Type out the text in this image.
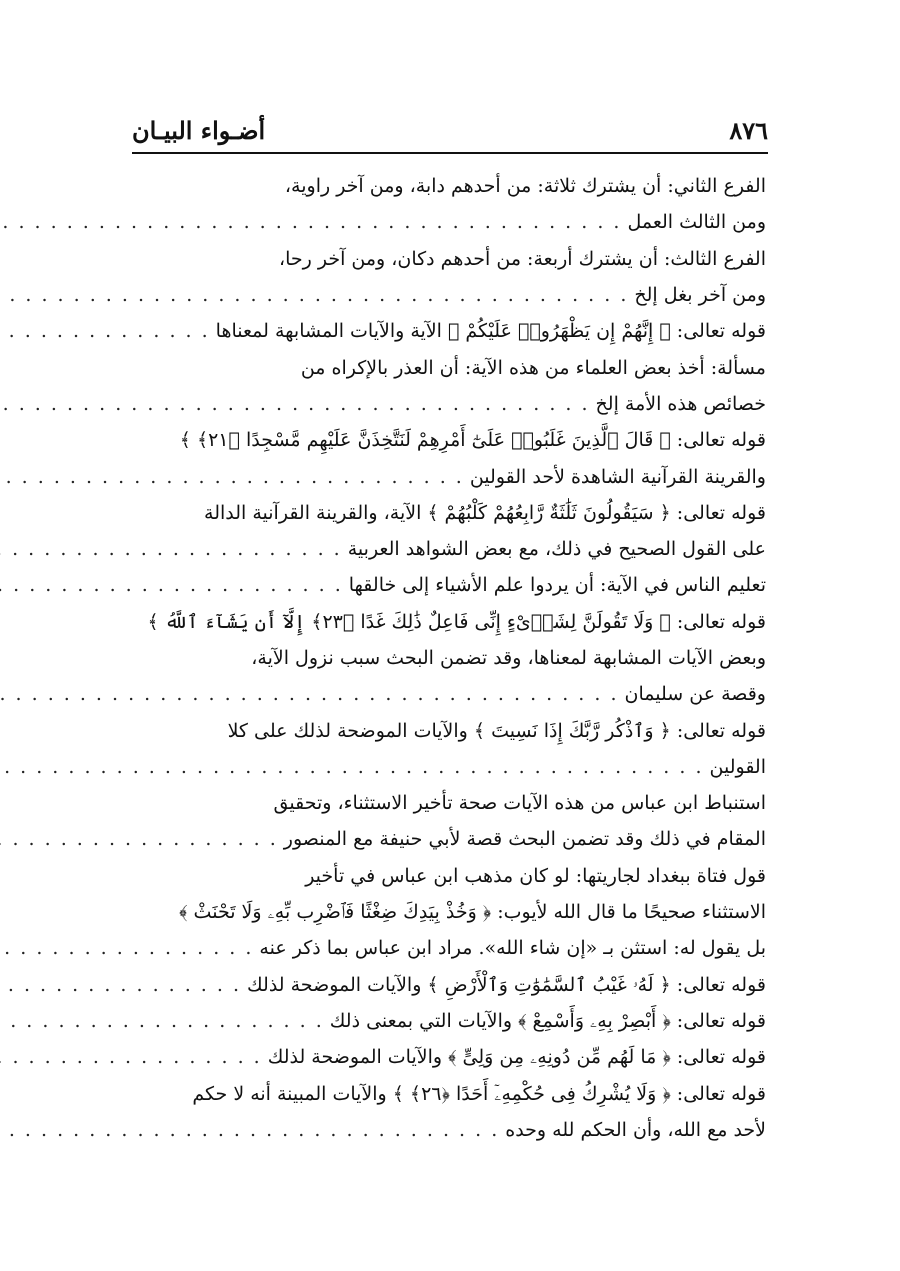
أضـواء البيـان	٨٧٦
الفرع الثاني: أن يشترك ثلاثة: من أحدهم دابة، ومن آخر راوية،
ومن الثالث العمل
. . .
الفرع الثالث: أن يشترك أربعة: من أحدهم دكان، ومن آخر رحا،
ومن آخر بغل إلخ
. . .
قوله تعالى: ﴿ إِنَّهُمْ إِن يَظْهَرُوا۟ عَلَيْكُمْ ﴾ الآية والآيات المشابهة لمعناها
. . .
مسألة: أخذ بعض العلماء من هذه الآية: أن العذر بالإكراه من
خصائص هذه الأمة إلخ
. . .
قوله تعالى: ﴿ قَالَ ٱلَّذِينَ غَلَبُوا۟ عَلَىٰٓ أَمْرِهِمْ لَنَتَّخِذَنَّ عَلَيْهِم مَّسْجِدًا ﴿٢١﴾ ﴾
والقرينة القرآنية الشاهدة لأحد القولين
. . .
قوله تعالى: ﴿ سَيَقُولُونَ ثَلَٰثَةٌ رَّابِعُهُمْ كَلْبُهُمْ ﴾ الآية، والقرينة القرآنية الدالة
على القول الصحيح في ذلك، مع بعض الشواهد العربية
. . .
تعليم الناس في الآية: أن يردوا علم الأشياء إلى خالقها
. . .
قوله تعالى: ﴿ وَلَا تَقُولَنَّ لِشَا۟ىْءٍ إِنِّى فَاعِلٌ ذَٰلِكَ غَدًا ﴿٢٣﴾ إِلَّآ أَن يَشَآءَ ٱللَّهُ ﴾
وبعض الآيات المشابهة لمعناها، وقد تضمن البحث سبب نزول الآية،
وقصة عن سليمان
. . .
قوله تعالى: ﴿ وَٱذْكُر رَّبَّكَ إِذَا نَسِيتَ ﴾ والآيات الموضحة لذلك على كلا
القولين
. . .
استنباط ابن عباس من هذه الآيات صحة تأخير الاستثناء، وتحقيق
المقام في ذلك وقد تضمن البحث قصة لأبي حنيفة مع المنصور
. . .
قول فتاة ببغداد لجاريتها: لو كان مذهب ابن عباس في تأخير
الاستثناء صحيحًا ما قال الله لأيوب: ﴿ وَخُذْ بِيَدِكَ ضِغْثًا فَٱضْرِب بِّهِۦ وَلَا تَحْنَثْ ﴾
بل يقول له: استثن بـ «إن شاء الله». مراد ابن عباس بما ذكر عنه
. . .
قوله تعالى: ﴿ لَهُۥ غَيْبُ ٱلسَّمَٰوَٰتِ وَٱلْأَرْضِ ﴾ والآيات الموضحة لذلك
. . .
قوله تعالى: ﴿ أَبْصِرْ بِهِۦ وَأَسْمِعْ ﴾ والآيات التي بمعنى ذلك
. . .
قوله تعالى: ﴿ مَا لَهُم مِّن دُونِهِۦ مِن وَلِىٍّ ﴾ والآيات الموضحة لذلك
. . .
قوله تعالى: ﴿ وَلَا يُشْرِكُ فِى حُكْمِهِۦٓ أَحَدًا ﴿٢٦﴾ ﴾ والآيات المبينة أنه لا حكم
لأحد مع الله، وأن الحكم لله وحده
. . .
